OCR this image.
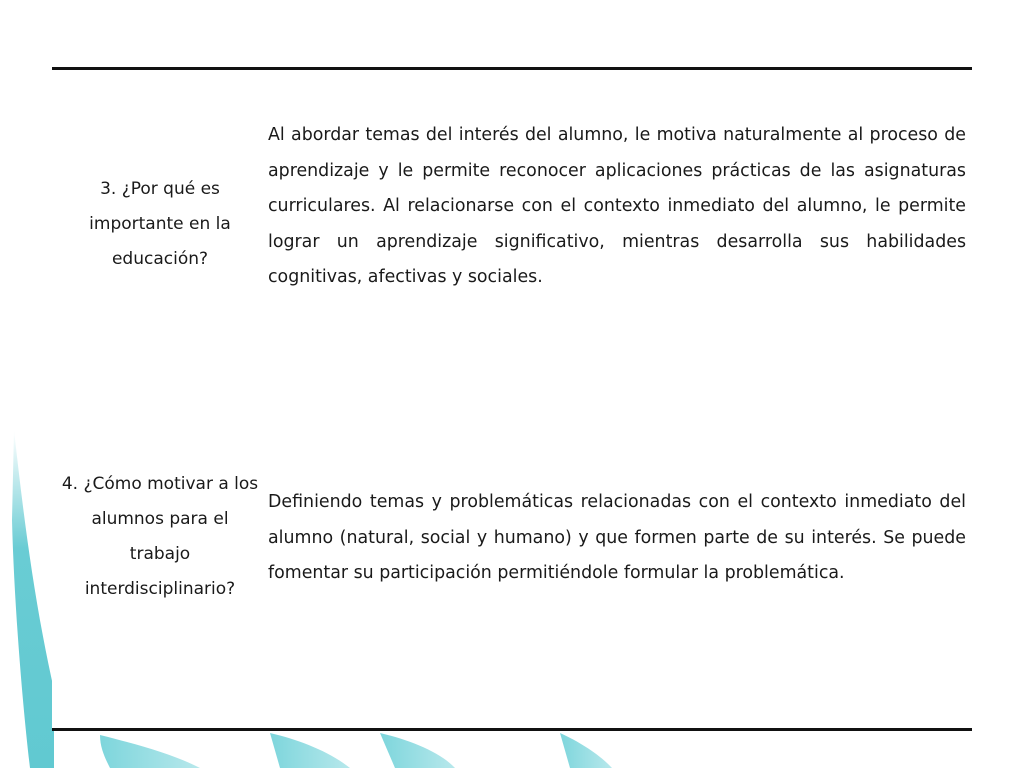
3. ¿Por qué es importante en la educación?
Al abordar temas del interés del alumno, le motiva naturalmente al proceso de aprendizaje y le permite reconocer aplicaciones prácticas de las asignaturas curriculares. Al relacionarse con el contexto inmediato del alumno, le permite lograr un aprendizaje significativo, mientras desarrolla sus habilidades cognitivas, afectivas y sociales.
4. ¿Cómo motivar a los alumnos para el trabajo interdisciplinario?
Definiendo temas y problemáticas relacionadas con el contexto inmediato del alumno (natural, social y humano) y que formen parte de su interés. Se puede fomentar su participación permitiéndole formular la problemática.
